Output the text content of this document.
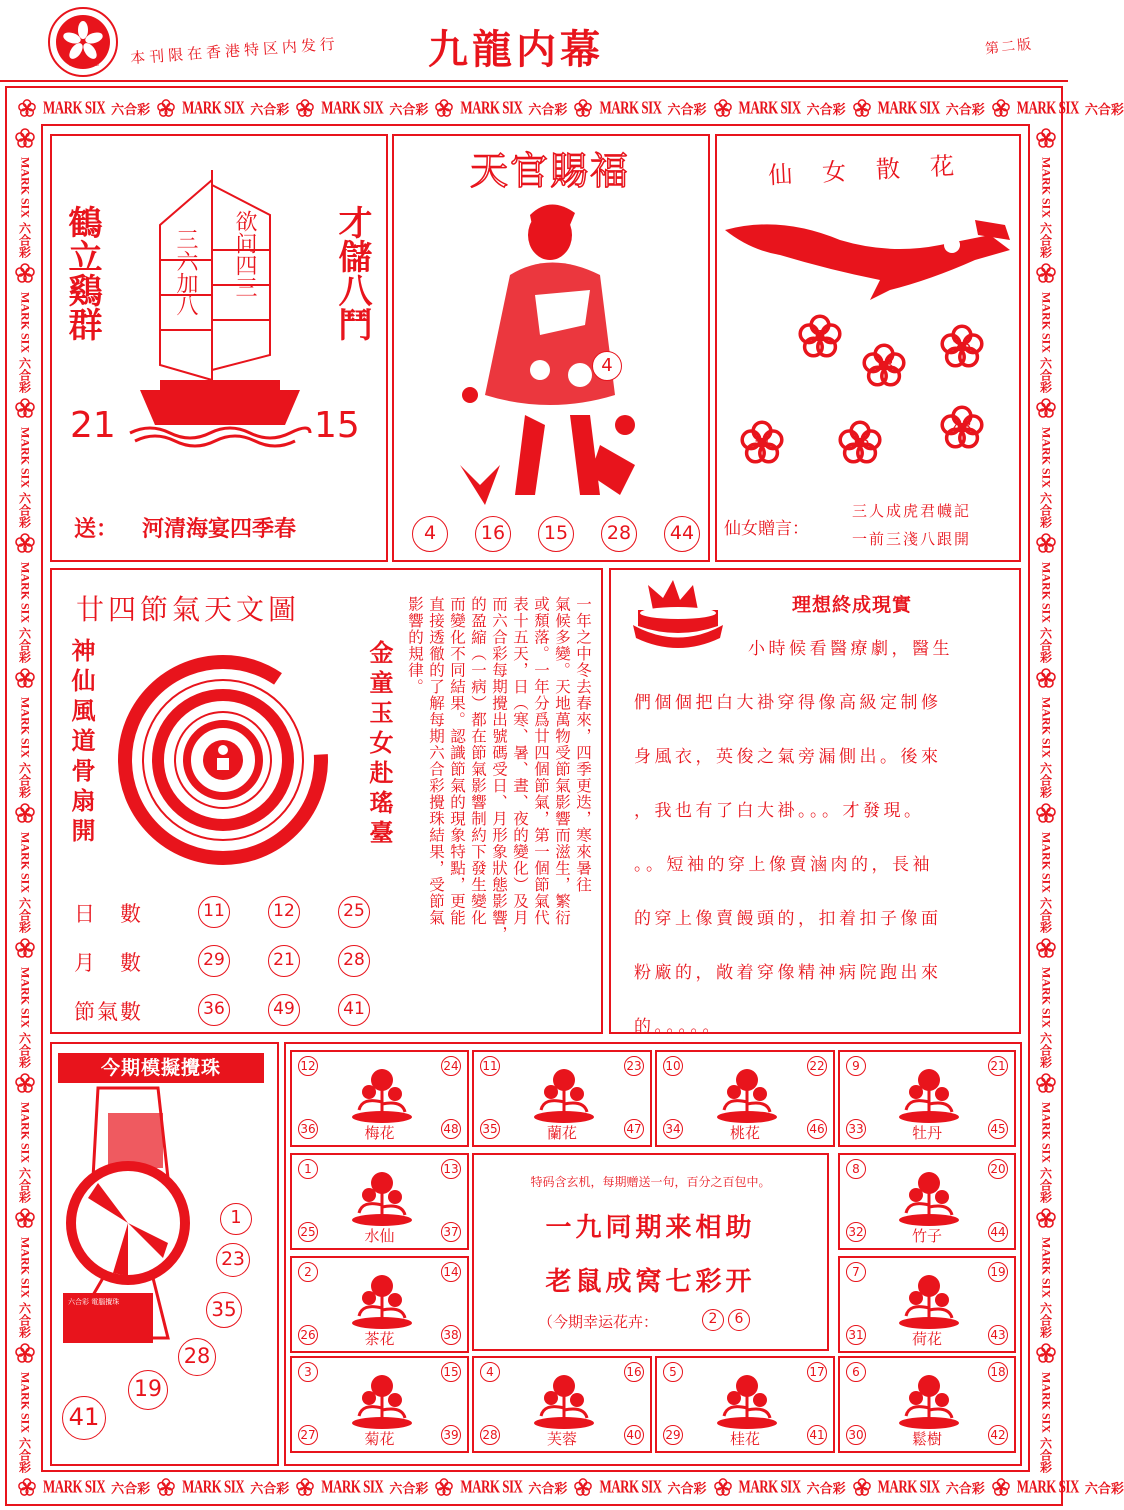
HONGKONG	本刊限在香港特区内发行 九龍内幕	第二版
MARK SIX 六合彩 MARK SIX 六合彩 MARK SIX 六合彩 MARK SIX 六合彩 MARK SIX 六合彩 MARK SIX 六合彩 MARK SIX 六合彩 MARK SIX 六合彩
MARK SIX 六合彩 MARK SIX 六合彩 MARK SIX 六合彩 MARK SIX 六合彩 MARK SIX 六合彩 MARK SIX 六合彩 MARK SIX 六合彩 MARK SIX 六合彩
MARK SIX
六合彩
MARK SIX
六合彩
MARK SIX
六合彩
MARK SIX
六合彩
MARK SIX
六合彩
MARK SIX
六合彩
MARK SIX
六合彩
MARK SIX
六合彩
MARK SIX
六合彩
MARK SIX
六合彩
MARK SIX
六合彩
MARK SIX
六合彩
MARK SIX
六合彩
MARK SIX
六合彩
MARK SIX
六合彩
MARK SIX
六合彩
MARK SIX
六合彩
MARK SIX
六合彩
MARK SIX
六合彩
MARK SIX
六合彩
鶴立鷄群	才儲八鬥
三六加八 欲问四三
21	15
送： 河清海宴四季春
天官賜福
4
4	16	15	28	44
仙女散花
1
13
25
31	16
48
仙女贈言：
三人成虎君幭記
一前三淺八跟開
廿四節氣天文圖
神仙風道骨扇開	金童玉女赴瑤臺
日　數	11	12	25
月　數	29	21	28
節氣數	36	49	41

一年之中冬去春來，四季更迭，寒來暑往

氣候多變。天地萬物受節氣影響而滋生，繁衍

或頹落。一年分爲廿四個節氣，第一個節氣代

表十五天，日（寒、暑、晝、夜的變化）及月

而六合彩每期攪出號碼受日、月形象狀態影響，

的盈縮（一病）都在節氣影響制約下發生變化

而變化不同結果。認識節氣的現象特點，更能

直接透徹的了解每期六合彩攪珠結果，受節氣

影響的規律。	理想終成現實
小時候看醫療劇，醫生
們個個把白大褂穿得像高級定制修
身風衣，英俊之氣旁漏側出。後來
，我也有了白大褂。。。才發現。
。。短袖的穿上像賣滷肉的，長袖
的穿上像賣饅頭的，扣着扣子像面
粉廠的，敞着穿像精神病院跑出來
的。。。。。
今期模擬攪珠
六合彩 電腦攪珠
1
23
35
28
19
41
12	24
36	48
梅花
11	23
35	47
蘭花
10	22
34	46
桃花
9	21
33	45
牡丹
1	13
25	37
水仙
8	20
32	44
竹子
2	14
26	38
茶花
7	19
31	43
荷花
3	15
27	39
菊花
4	16
28	40
芙蓉
5	17
29	41
桂花
6	18
30	42
鬆樹
特码含玄机，每期赠送一句，百分之百包中。
一九同期来相助
老鼠成窝七彩开
（今期幸运花卉：	2	6
